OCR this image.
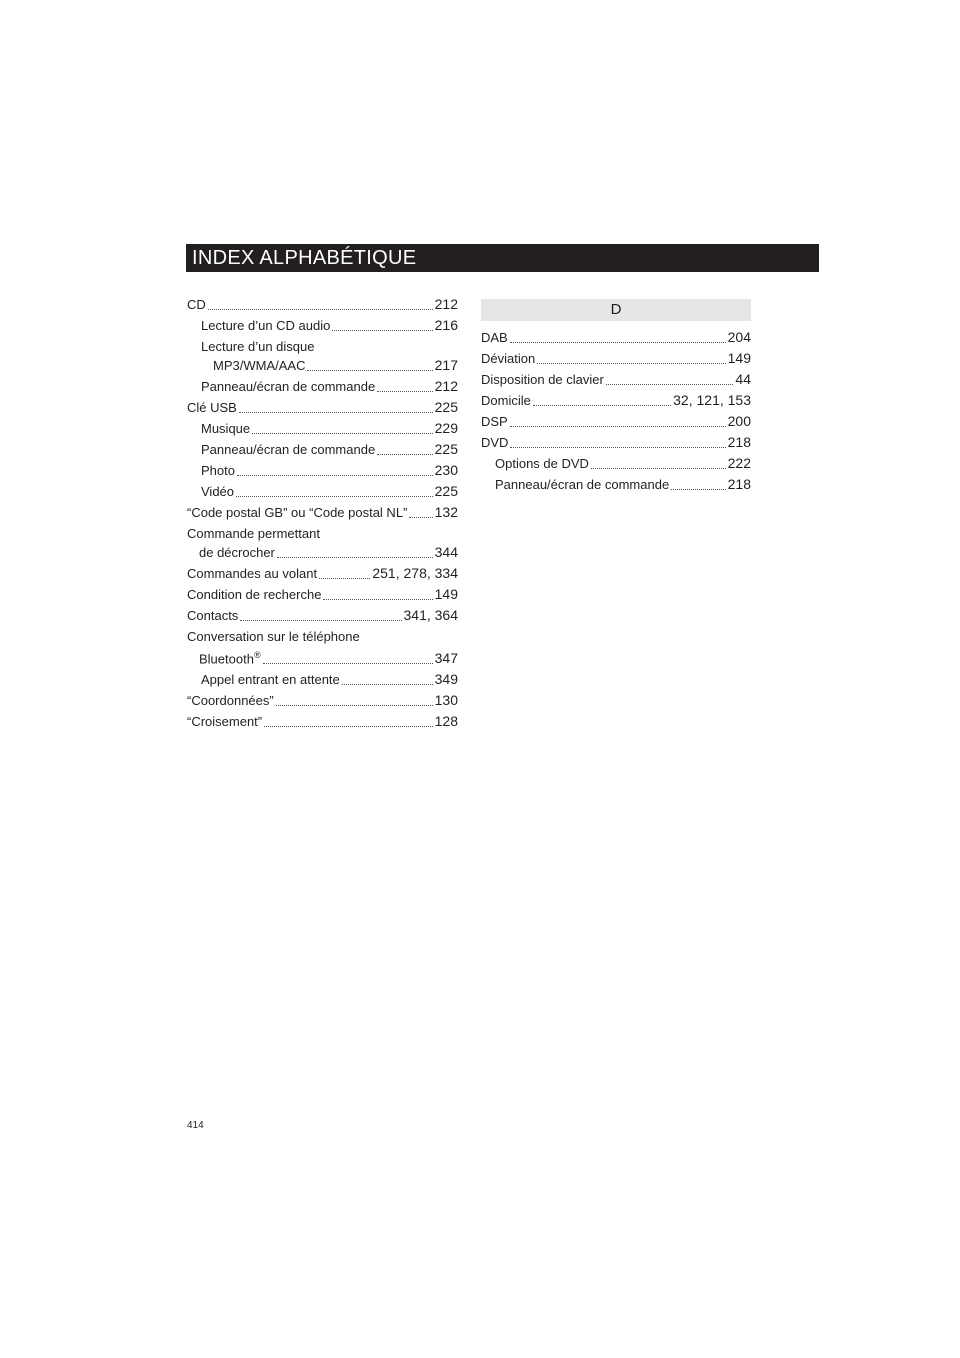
INDEX ALPHABÉTIQUE
CD	212
Lecture d’un CD audio	216
Lecture d’un disque
MP3/WMA/AAC	217
Panneau/écran de commande	212
Clé USB	225
Musique	229
Panneau/écran de commande	225
Photo	230
Vidéo	225
“Code postal GB” ou “Code postal NL” 132
Commande permettant
de décrocher	344
Commandes au volant	251, 278, 334
Condition de recherche	149
Contacts	341, 364
Conversation sur le téléphone
Bluetooth®	347
Appel entrant en attente	349
“Coordonnées”	130
“Croisement”	128
D
DAB	204
Déviation	149
Disposition de clavier	44
Domicile	32, 121, 153
DSP	200
DVD	218
Options de DVD	222
Panneau/écran de commande	218
414
